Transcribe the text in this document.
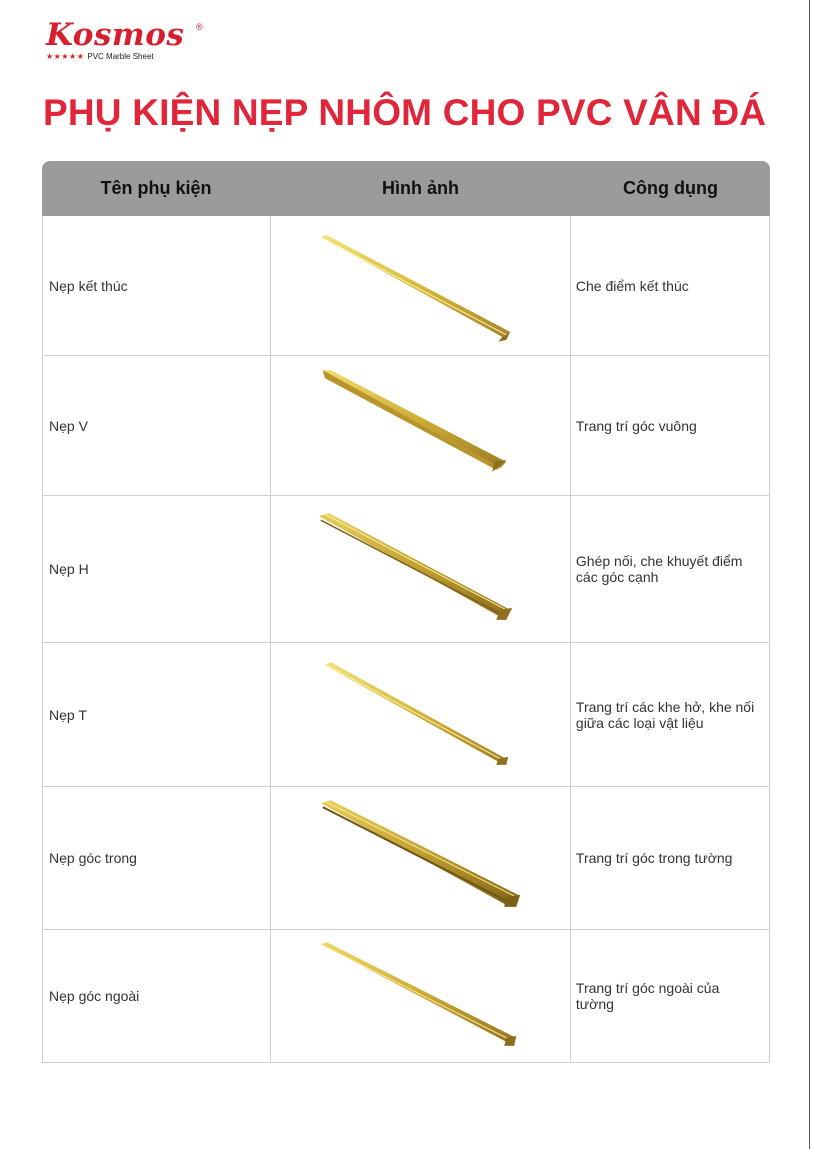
Kosmos ®
★★★★★ PVC Marble Sheet
PHỤ KIỆN NẸP NHÔM CHO PVC VÂN ĐÁ
Tên phụ kiện	Hình ảnh	Công dụng
Nẹp kết thúc	Che điểm kết thúc
Nẹp V	Trang trí góc vuông
Nẹp H	Ghép nối, che khuyết điểm các góc cạnh
Nẹp T	Trang trí các khe hở, khe nối giữa các loại vật liệu
Nẹp góc trong	Trang trí góc trong tường
Nẹp góc ngoài	Trang trí góc ngoài của tường
